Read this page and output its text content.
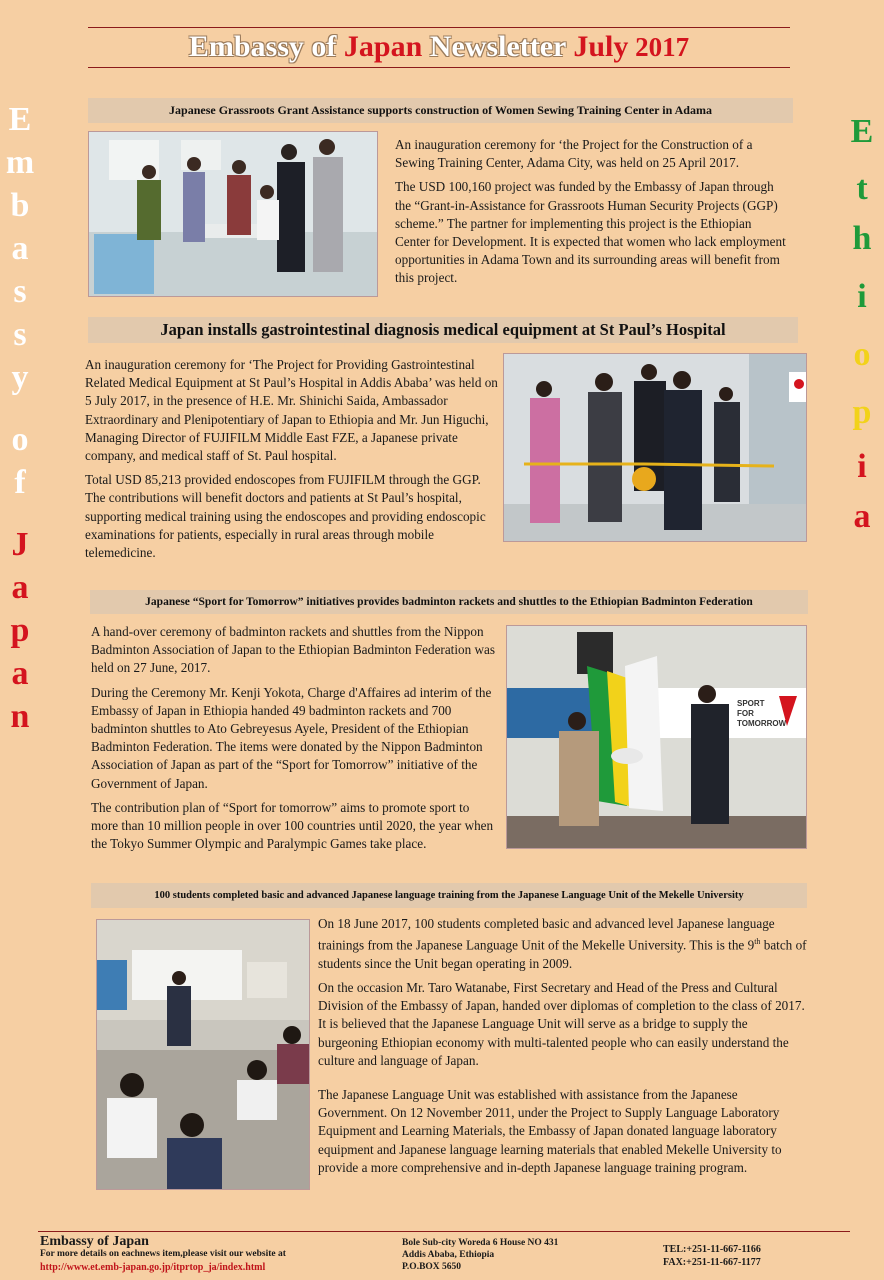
Embassy of Japan Newsletter July 2017
E
m
b
a
s
s
y
o
f
J
a
p
a
n
E
t
h
i
o
p
i
a
Japanese Grassroots Grant Assistance supports construction of Women Sewing Training Center in Adama

An inauguration ceremony for ‘the Project for the Construction of a Sewing Training Center, Adama City, was held on 25 April 2017.

The USD 100,160 project was funded by the Embassy of Japan through the “Grant-in-Assistance for Grassroots Human Security Projects (GGP) scheme.” The partner for implementing this project is the Ethiopian Center for Development. It is expected that women who lack employment opportunities in Adama Town and its surrounding areas will benefit from this project.

Japan installs gastrointestinal diagnosis medical equipment at St Paul’s Hospital

An inauguration ceremony for ‘The Project for Providing Gastrointestinal Related Medical Equipment at St Paul’s Hospital in Addis Ababa’ was held on 5 July 2017, in the presence of H.E. Mr. Shinichi Saida, Ambassador Extraordinary and Plenipotentiary of Japan to Ethiopia and Mr. Jun Higuchi, Managing Director of FUJIFILM Middle East FZE, a Japanese private company, and medical staff of St. Paul hospital.

Total USD 85,213 provided endoscopes from FUJIFILM through the GGP. The contributions will benefit doctors and patients at St Paul’s hospital, supporting medical training using the endoscopes and providing endoscopic examinations for patients, especially in rural areas through mobile telemedicine.

Japanese “Sport for Tomorrow” initiatives provides badminton rackets and shuttles to the Ethiopian Badminton Federation

A hand-over ceremony of badminton rackets and shuttles from the Nippon Badminton Association of Japan to the Ethiopian Badminton Federation was held on 27 June, 2017.

During the Ceremony Mr. Kenji Yokota, Charge d'Affaires ad interim of the Embassy of Japan in Ethiopia handed 49 badminton rackets and 700 badminton shuttles to Ato Gebreyesus Ayele, President of the Ethiopian Badminton Federation. The items were donated by the Nippon Badminton Association of Japan as part of the “Sport for Tomorrow” initiative of the Government of Japan.

The contribution plan of “Sport for tomorrow” aims to promote sport to more than 10 million people in over 100 countries until 2020, the year when the Tokyo Summer Olympic and Paralympic Games take place.

SPORT
FOR
TOMORROW
100 students completed basic and advanced Japanese language training from the Japanese Language Unit of the Mekelle University

On 18 June 2017, 100 students completed basic and advanced level Japanese language trainings from the Japanese Language Unit of the Mekelle University. This is the 9th batch of students since the Unit began operating in 2009.

On the occasion Mr. Taro Watanabe, First Secretary and Head of the Press and Cultural Division of the Embassy of Japan, handed over diplomas of completion to the class of 2017. It is believed that the Japanese Language Unit will serve as a bridge to supply the burgeoning Ethiopian economy with multi-talented people who can easily understand the culture and language of Japan.

The Japanese Language Unit was established with assistance from the Japanese Government. On 12 November 2011, under the Project to Supply Language Laboratory Equipment and Learning Materials, the Embassy of Japan donated language laboratory equipment and Japanese language learning materials that enabled Mekelle University to provide a more comprehensive and in-depth Japanese language training program.

Embassy of Japan
For more details on eachnews item,please visit our website at
http://www.et.emb-japan.go.jp/itprtop_ja/index.html
Bole Sub-city Woreda 6 House NO 431
Addis Ababa, Ethiopia
P.O.BOX 5650
TEL:+251-11-667-1166
FAX:+251-11-667-1177
